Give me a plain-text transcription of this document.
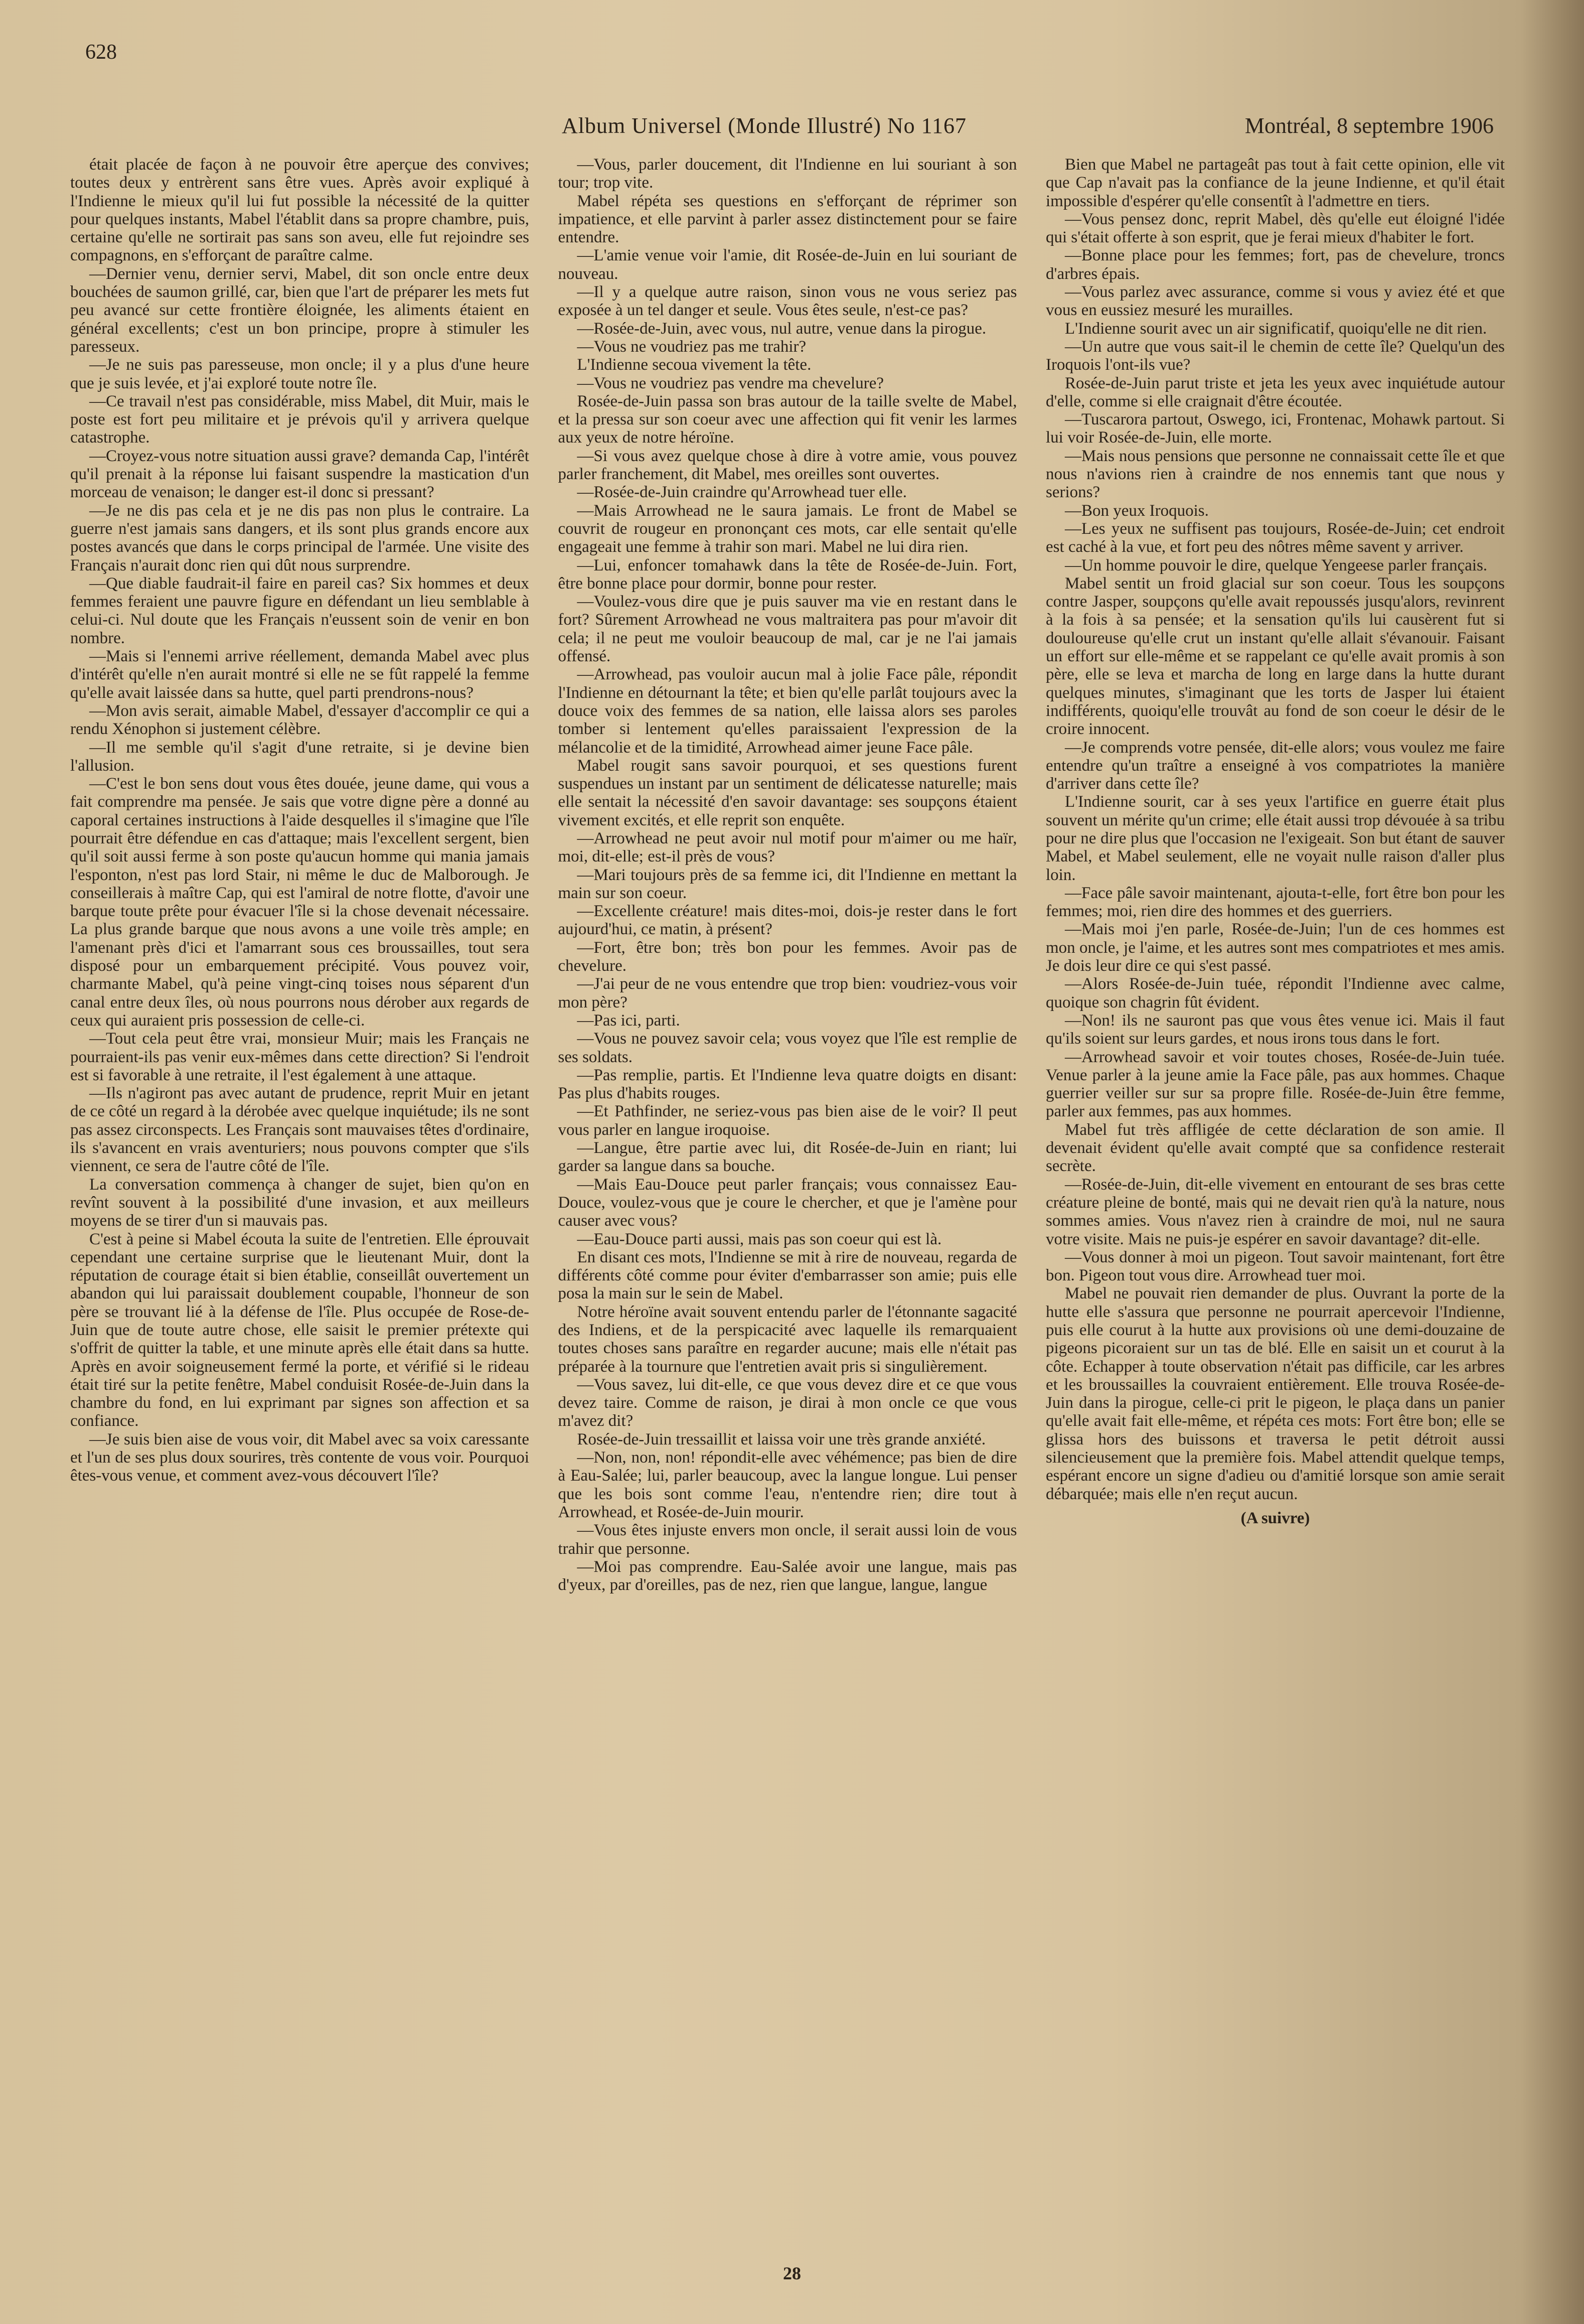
628
Album Universel (Monde Illustré) No 1167	Montréal, 8 septembre 1906

était placée de façon à ne pouvoir être aperçue des convives; toutes deux y entrèrent sans être vues. Après avoir expliqué à l'Indienne le mieux qu'il lui fut possible la nécessité de la quitter pour quelques instants, Mabel l'établit dans sa propre chambre, puis, certaine qu'elle ne sortirait pas sans son aveu, elle fut rejoindre ses compagnons, en s'efforçant de paraître calme.

—Dernier venu, dernier servi, Mabel, dit son oncle entre deux bouchées de saumon grillé, car, bien que l'art de préparer les mets fut peu avancé sur cette frontière éloignée, les aliments étaient en général excellents; c'est un bon principe, propre à stimuler les paresseux.

—Je ne suis pas paresseuse, mon oncle; il y a plus d'une heure que je suis levée, et j'ai exploré toute notre île.

—Ce travail n'est pas considérable, miss Mabel, dit Muir, mais le poste est fort peu militaire et je prévois qu'il y arrivera quelque catastrophe.

—Croyez-vous notre situation aussi grave? demanda Cap, l'intérêt qu'il prenait à la réponse lui faisant suspendre la mastication d'un morceau de venaison; le danger est-il donc si pressant?

—Je ne dis pas cela et je ne dis pas non plus le contraire. La guerre n'est jamais sans dangers, et ils sont plus grands encore aux postes avancés que dans le corps principal de l'armée. Une visite des Français n'aurait donc rien qui dût nous surprendre.

—Que diable faudrait-il faire en pareil cas? Six hommes et deux femmes feraient une pauvre figure en défendant un lieu semblable à celui-ci. Nul doute que les Français n'eussent soin de venir en bon nombre.

—Mais si l'ennemi arrive réellement, demanda Mabel avec plus d'intérêt qu'elle n'en aurait montré si elle ne se fût rappelé la femme qu'elle avait laissée dans sa hutte, quel parti prendrons-nous?

—Mon avis serait, aimable Mabel, d'essayer d'accomplir ce qui a rendu Xénophon si justement célèbre.

—Il me semble qu'il s'agit d'une retraite, si je devine bien l'allusion.

—C'est le bon sens dout vous êtes douée, jeune dame, qui vous a fait comprendre ma pensée. Je sais que votre digne père a donné au caporal certaines instructions à l'aide desquelles il s'imagine que l'île pourrait être défendue en cas d'attaque; mais l'excellent sergent, bien qu'il soit aussi ferme à son poste qu'aucun homme qui mania jamais l'esponton, n'est pas lord Stair, ni même le duc de Malborough. Je conseillerais à maître Cap, qui est l'amiral de notre flotte, d'avoir une barque toute prête pour évacuer l'île si la chose devenait nécessaire. La plus grande barque que nous avons a une voile très ample; en l'amenant près d'ici et l'amarrant sous ces broussailles, tout sera disposé pour un embarquement précipité. Vous pouvez voir, charmante Mabel, qu'à peine vingt-cinq toises nous séparent d'un canal entre deux îles, où nous pourrons nous dérober aux regards de ceux qui auraient pris possession de celle-ci.

—Tout cela peut être vrai, monsieur Muir; mais les Français ne pourraient-ils pas venir eux-mêmes dans cette direction? Si l'endroit est si favorable à une retraite, il l'est également à une attaque.

—Ils n'agiront pas avec autant de prudence, reprit Muir en jetant de ce côté un regard à la dérobée avec quelque inquiétude; ils ne sont pas assez circonspects. Les Français sont mauvaises têtes d'ordinaire, ils s'avancent en vrais aventuriers; nous pouvons compter que s'ils viennent, ce sera de l'autre côté de l'île.

La conversation commença à changer de sujet, bien qu'on en revînt souvent à la possibilité d'une invasion, et aux meilleurs moyens de se tirer d'un si mauvais pas.

C'est à peine si Mabel écouta la suite de l'entretien. Elle éprouvait cependant une certaine surprise que le lieutenant Muir, dont la réputation de courage était si bien établie, conseillât ouvertement un abandon qui lui paraissait doublement coupable, l'honneur de son père se trouvant lié à la défense de l'île. Plus occupée de Rose-de-Juin que de toute autre chose, elle saisit le premier prétexte qui s'offrit de quitter la table, et une minute après elle était dans sa hutte. Après en avoir soigneusement fermé la porte, et vérifié si le rideau était tiré sur la petite fenêtre, Mabel conduisit Rosée-de-Juin dans la chambre du fond, en lui exprimant par signes son affection et sa confiance.

—Je suis bien aise de vous voir, dit Mabel avec sa voix caressante et l'un de ses plus doux sourires, très contente de vous voir. Pourquoi êtes-vous venue, et comment avez-vous découvert l'île?

—Vous, parler doucement, dit l'Indienne en lui souriant à son tour; trop vite.

Mabel répéta ses questions en s'efforçant de réprimer son impatience, et elle parvint à parler assez distinctement pour se faire entendre.

—L'amie venue voir l'amie, dit Rosée-de-Juin en lui souriant de nouveau.

—Il y a quelque autre raison, sinon vous ne vous seriez pas exposée à un tel danger et seule. Vous êtes seule, n'est-ce pas?

—Rosée-de-Juin, avec vous, nul autre, venue dans la pirogue.

—Vous ne voudriez pas me trahir?

L'Indienne secoua vivement la tête.

—Vous ne voudriez pas vendre ma chevelure?

Rosée-de-Juin passa son bras autour de la taille svelte de Mabel, et la pressa sur son coeur avec une affection qui fit venir les larmes aux yeux de notre héroïne.

—Si vous avez quelque chose à dire à votre amie, vous pouvez parler franchement, dit Mabel, mes oreilles sont ouvertes.

—Rosée-de-Juin craindre qu'Arrowhead tuer elle.

—Mais Arrowhead ne le saura jamais. Le front de Mabel se couvrit de rougeur en prononçant ces mots, car elle sentait qu'elle engageait une femme à trahir son mari. Mabel ne lui dira rien.

—Lui, enfoncer tomahawk dans la tête de Rosée-de-Juin. Fort, être bonne place pour dormir, bonne pour rester.

—Voulez-vous dire que je puis sauver ma vie en restant dans le fort? Sûrement Arrowhead ne vous maltraitera pas pour m'avoir dit cela; il ne peut me vouloir beaucoup de mal, car je ne l'ai jamais offensé.

—Arrowhead, pas vouloir aucun mal à jolie Face pâle, répondit l'Indienne en détournant la tête; et bien qu'elle parlât toujours avec la douce voix des femmes de sa nation, elle laissa alors ses paroles tomber si lentement qu'elles paraissaient l'expression de la mélancolie et de la timidité, Arrowhead aimer jeune Face pâle.

Mabel rougit sans savoir pourquoi, et ses questions furent suspendues un instant par un sentiment de délicatesse naturelle; mais elle sentait la nécessité d'en savoir davantage: ses soupçons étaient vivement excités, et elle reprit son enquête.

—Arrowhead ne peut avoir nul motif pour m'aimer ou me haïr, moi, dit-elle; est-il près de vous?

—Mari toujours près de sa femme ici, dit l'Indienne en mettant la main sur son coeur.

—Excellente créature! mais dites-moi, dois-je rester dans le fort aujourd'hui, ce matin, à présent?

—Fort, être bon; très bon pour les femmes. Avoir pas de chevelure.

—J'ai peur de ne vous entendre que trop bien: voudriez-vous voir mon père?

—Pas ici, parti.

—Vous ne pouvez savoir cela; vous voyez que l'île est remplie de ses soldats.

—Pas remplie, partis. Et l'Indienne leva quatre doigts en disant: Pas plus d'habits rouges.

—Et Pathfinder, ne seriez-vous pas bien aise de le voir? Il peut vous parler en langue iroquoise.

—Langue, être partie avec lui, dit Rosée-de-Juin en riant; lui garder sa langue dans sa bouche.

—Mais Eau-Douce peut parler français; vous connaissez Eau-Douce, voulez-vous que je coure le chercher, et que je l'amène pour causer avec vous?

—Eau-Douce parti aussi, mais pas son coeur qui est là.

En disant ces mots, l'Indienne se mit à rire de nouveau, regarda de différents côté comme pour éviter d'embarrasser son amie; puis elle posa la main sur le sein de Mabel.

Notre héroïne avait souvent entendu parler de l'étonnante sagacité des Indiens, et de la perspicacité avec laquelle ils remarquaient toutes choses sans paraître en regarder aucune; mais elle n'était pas préparée à la tournure que l'entretien avait pris si singulièrement.

—Vous savez, lui dit-elle, ce que vous devez dire et ce que vous devez taire. Comme de raison, je dirai à mon oncle ce que vous m'avez dit?

Rosée-de-Juin tressaillit et laissa voir une très grande anxiété.

—Non, non, non! répondit-elle avec véhémence; pas bien de dire à Eau-Salée; lui, parler beaucoup, avec la langue longue. Lui penser que les bois sont comme l'eau, n'entendre rien; dire tout à Arrowhead, et Rosée-de-Juin mourir.

—Vous êtes injuste envers mon oncle, il serait aussi loin de vous trahir que personne.

—Moi pas comprendre. Eau-Salée avoir une langue, mais pas d'yeux, par d'oreilles, pas de nez, rien que langue, langue, langue

Bien que Mabel ne partageât pas tout à fait cette opinion, elle vit que Cap n'avait pas la confiance de la jeune Indienne, et qu'il était impossible d'espérer qu'elle consentît à l'admettre en tiers.

—Vous pensez donc, reprit Mabel, dès qu'elle eut éloigné l'idée qui s'était offerte à son esprit, que je ferai mieux d'habiter le fort.

—Bonne place pour les femmes; fort, pas de chevelure, troncs d'arbres épais.

—Vous parlez avec assurance, comme si vous y aviez été et que vous en eussiez mesuré les murailles.

L'Indienne sourit avec un air significatif, quoiqu'elle ne dit rien.

—Un autre que vous sait-il le chemin de cette île? Quelqu'un des Iroquois l'ont-ils vue?

Rosée-de-Juin parut triste et jeta les yeux avec inquiétude autour d'elle, comme si elle craignait d'être écoutée.

—Tuscarora partout, Oswego, ici, Frontenac, Mohawk partout. Si lui voir Rosée-de-Juin, elle morte.

—Mais nous pensions que personne ne connaissait cette île et que nous n'avions rien à craindre de nos ennemis tant que nous y serions?

—Bon yeux Iroquois.

—Les yeux ne suffisent pas toujours, Rosée-de-Juin; cet endroit est caché à la vue, et fort peu des nôtres même savent y arriver.

—Un homme pouvoir le dire, quelque Yengeese parler français.

Mabel sentit un froid glacial sur son coeur. Tous les soupçons contre Jasper, soupçons qu'elle avait repoussés jusqu'alors, revinrent à la fois à sa pensée; et la sensation qu'ils lui causèrent fut si douloureuse qu'elle crut un instant qu'elle allait s'évanouir. Faisant un effort sur elle-même et se rappelant ce qu'elle avait promis à son père, elle se leva et marcha de long en large dans la hutte durant quelques minutes, s'imaginant que les torts de Jasper lui étaient indifférents, quoiqu'elle trouvât au fond de son coeur le désir de le croire innocent.

—Je comprends votre pensée, dit-elle alors; vous voulez me faire entendre qu'un traître a enseigné à vos compatriotes la manière d'arriver dans cette île?

L'Indienne sourit, car à ses yeux l'artifice en guerre était plus souvent un mérite qu'un crime; elle était aussi trop dévouée à sa tribu pour ne dire plus que l'occasion ne l'exigeait. Son but étant de sauver Mabel, et Mabel seulement, elle ne voyait nulle raison d'aller plus loin.

—Face pâle savoir maintenant, ajouta-t-elle, fort être bon pour les femmes; moi, rien dire des hommes et des guerriers.

—Mais moi j'en parle, Rosée-de-Juin; l'un de ces hommes est mon oncle, je l'aime, et les autres sont mes compatriotes et mes amis. Je dois leur dire ce qui s'est passé.

—Alors Rosée-de-Juin tuée, répondit l'Indienne avec calme, quoique son chagrin fût évident.

—Non! ils ne sauront pas que vous êtes venue ici. Mais il faut qu'ils soient sur leurs gardes, et nous irons tous dans le fort.

—Arrowhead savoir et voir toutes choses, Rosée-de-Juin tuée. Venue parler à la jeune amie la Face pâle, pas aux hommes. Chaque guerrier veiller sur sur sa propre fille. Rosée-de-Juin être femme, parler aux femmes, pas aux hommes.

Mabel fut très affligée de cette déclaration de son amie. Il devenait évident qu'elle avait compté que sa confidence resterait secrète.

—Rosée-de-Juin, dit-elle vivement en entourant de ses bras cette créature pleine de bonté, mais qui ne devait rien qu'à la nature, nous sommes amies. Vous n'avez rien à craindre de moi, nul ne saura votre visite. Mais ne puis-je espérer en savoir davantage? dit-elle.

—Vous donner à moi un pigeon. Tout savoir maintenant, fort être bon. Pigeon tout vous dire. Arrowhead tuer moi.

Mabel ne pouvait rien demander de plus. Ouvrant la porte de la hutte elle s'assura que personne ne pourrait apercevoir l'Indienne, puis elle courut à la hutte aux provisions où une demi-douzaine de pigeons picoraient sur un tas de blé. Elle en saisit un et courut à la côte. Echapper à toute observation n'était pas difficile, car les arbres et les broussailles la couvraient entièrement. Elle trouva Rosée-de-Juin dans la pirogue, celle-ci prit le pigeon, le plaça dans un panier qu'elle avait fait elle-même, et répéta ces mots: Fort être bon; elle se glissa hors des buissons et traversa le petit détroit aussi silencieusement que la première fois. Mabel attendit quelque temps, espérant encore un signe d'adieu ou d'amitié lorsque son amie serait débarquée; mais elle n'en reçut aucun.

(A suivre)

28
